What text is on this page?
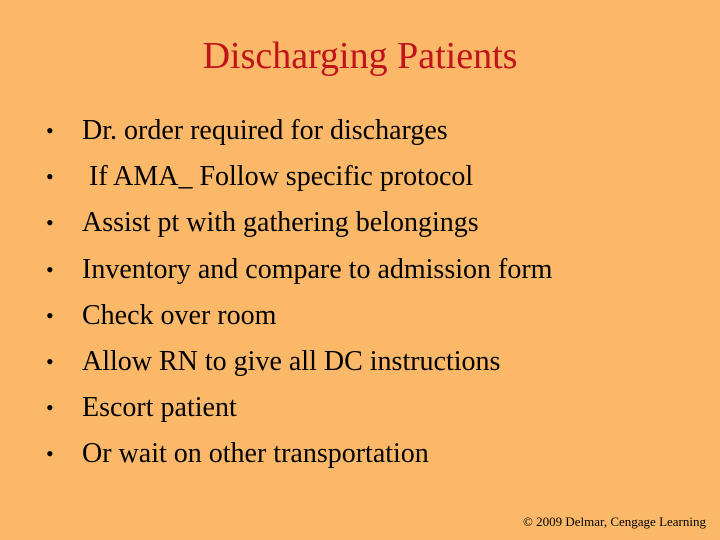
Discharging Patients
• Dr. order required for discharges
• If AMA_ Follow specific protocol
• Assist pt with gathering belongings
• Inventory and compare to admission form
• Check over room
• Allow RN to give all DC instructions
• Escort patient
• Or wait on other transportation
© 2009 Delmar, Cengage Learning
